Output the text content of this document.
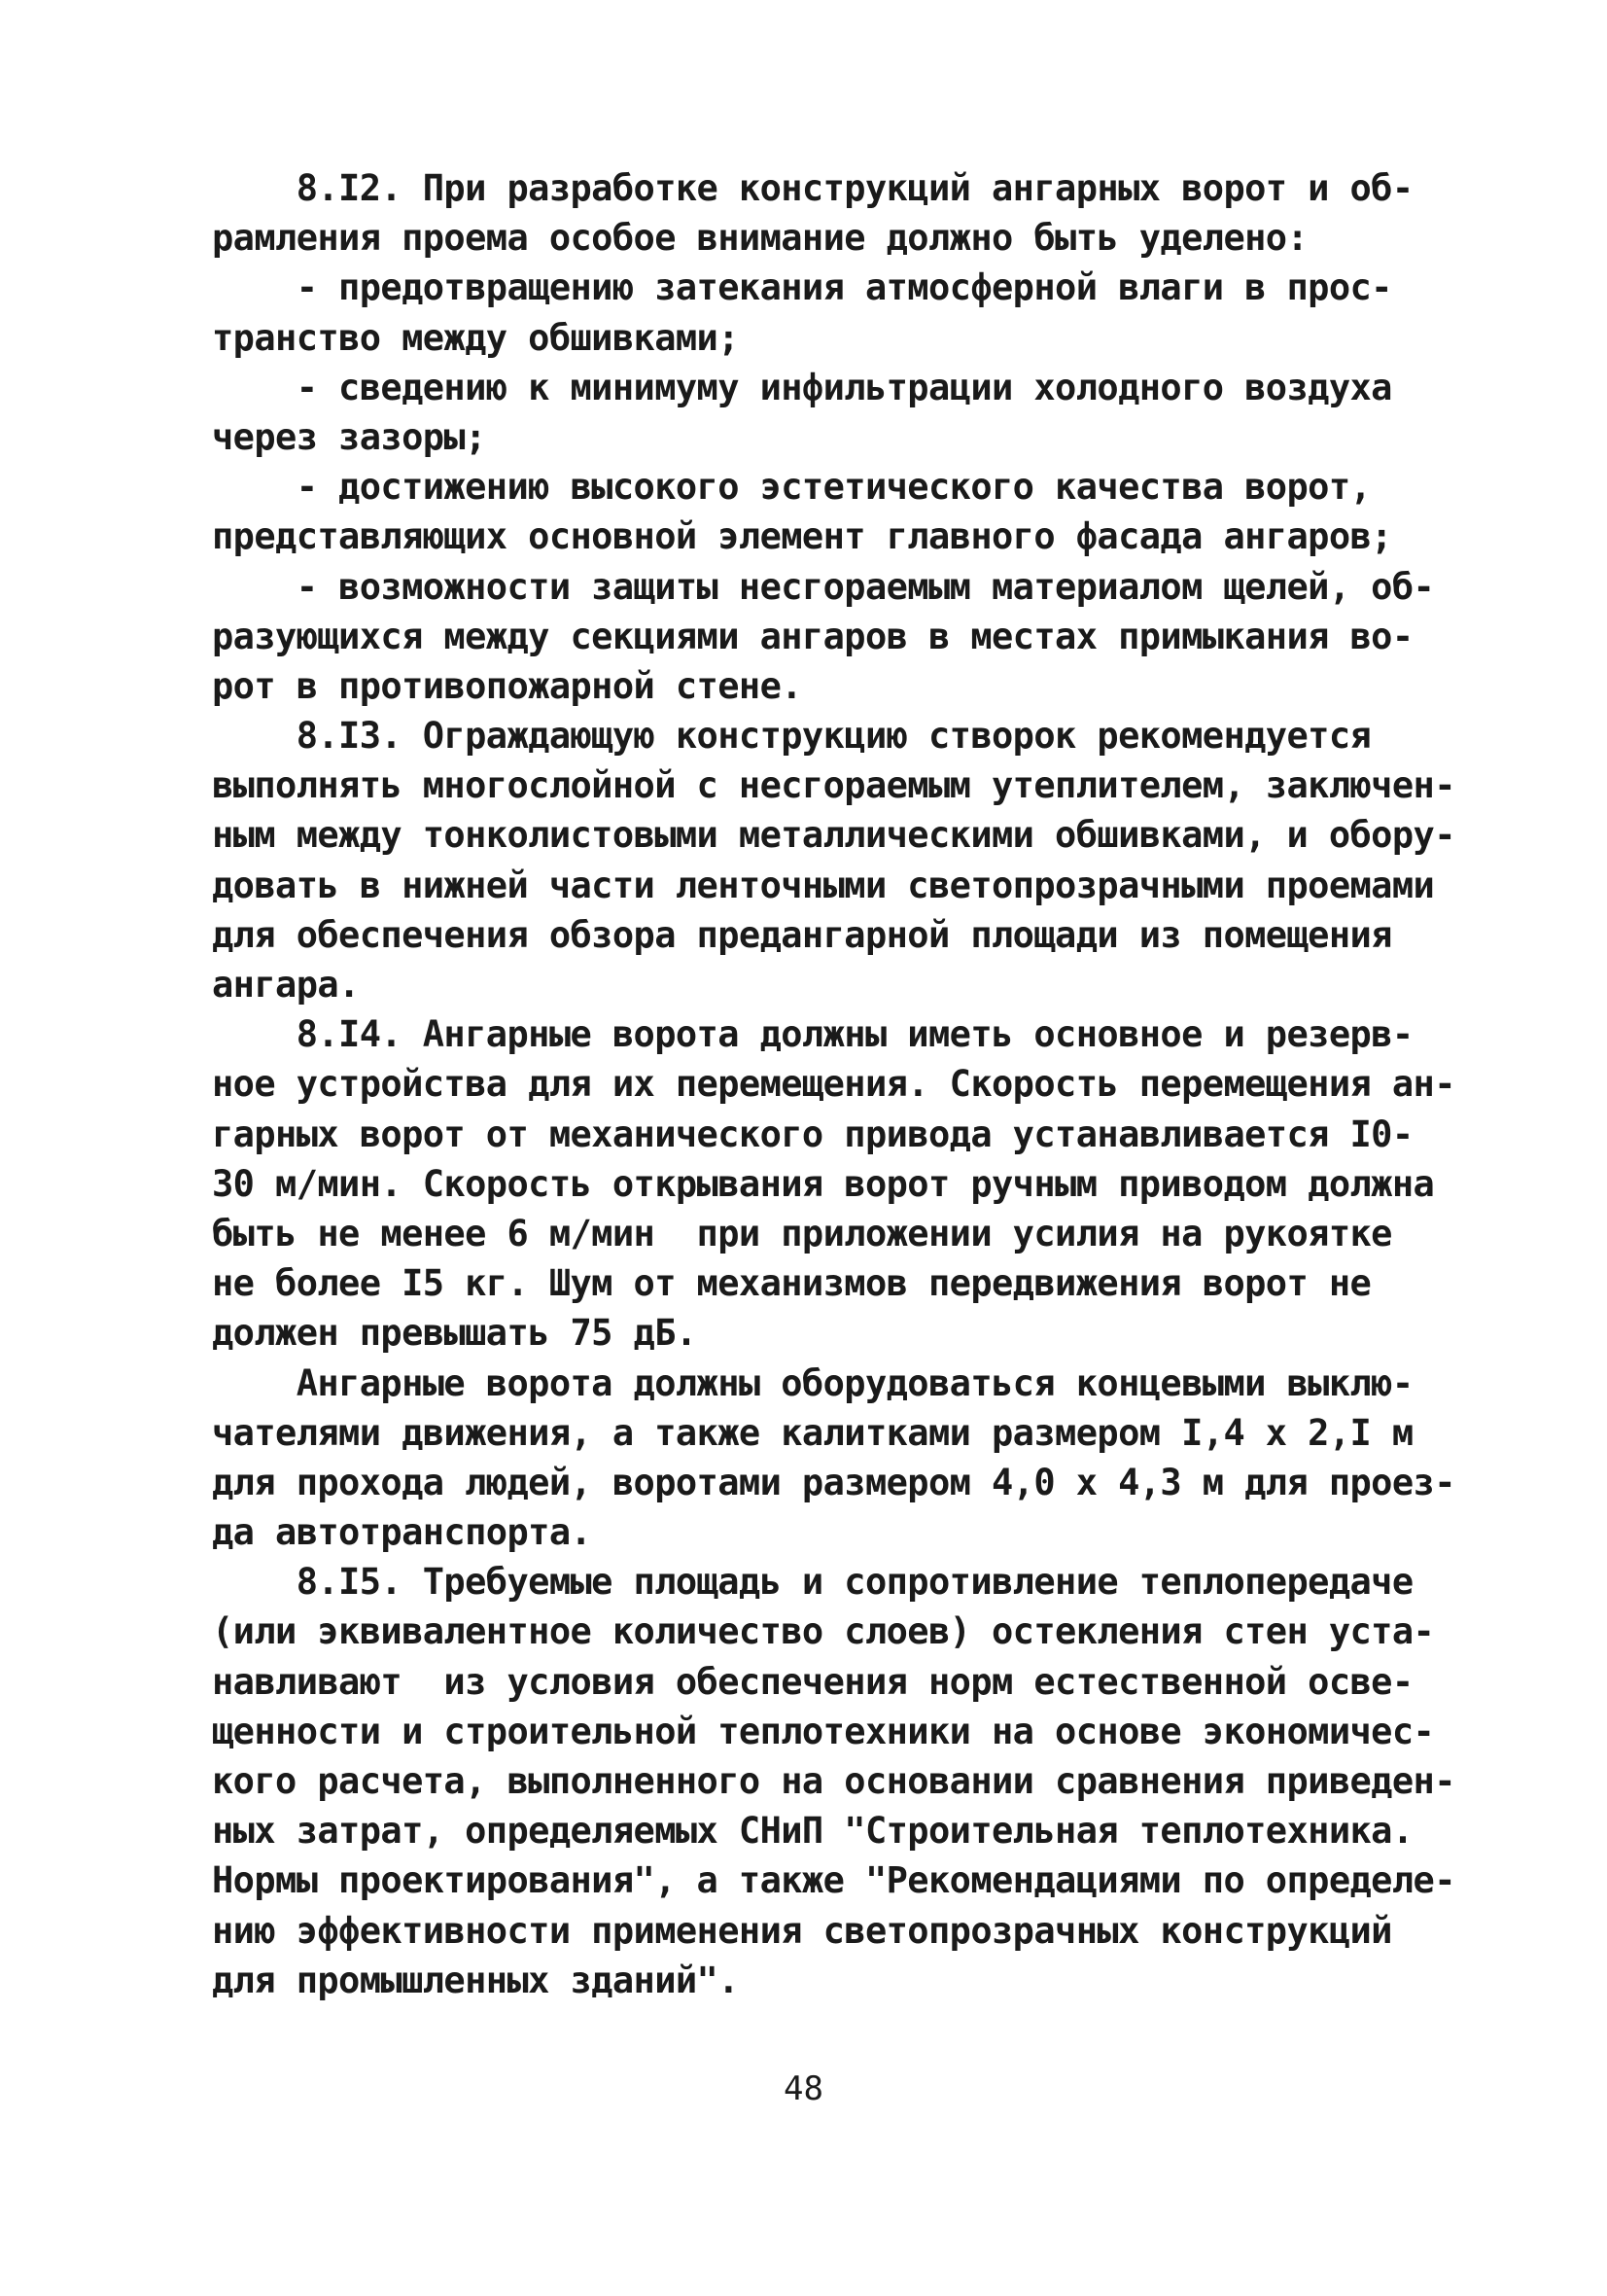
8.I2. При разработке конструкций ангарных ворот и об-
рамления проема особое внимание должно быть уделено:
- предотвращению затекания атмосферной влаги в прос-
транство между обшивками;
- сведению к минимуму инфильтрации холодного воздуха
через зазоры;
- достижению высокого эстетического качества ворот,
представляющих основной элемент главного фасада ангаров;
- возможности защиты несгораемым материалом щелей, об-
разующихся между секциями ангаров в местах примыкания во-
рот в противопожарной стене.
8.I3. Ограждающую конструкцию створок рекомендуется
выполнять многослойной с несгораемым утеплителем, заключен-
ным между тонколистовыми металлическими обшивками, и обору-
довать в нижней части ленточными светопрозрачными проемами
для обеспечения обзора предангарной площади из помещения
ангара.
8.I4. Ангарные ворота должны иметь основное и резерв-
ное устройства для их перемещения. Скорость перемещения ан-
гарных ворот от механического привода устанавливается I0-
30 м/мин. Скорость открывания ворот ручным приводом должна
быть не менее 6 м/мин  при приложении усилия на рукоятке
не более I5 кг. Шум от механизмов передвижения ворот не
должен превышать 75 дБ.
Ангарные ворота должны оборудоваться концевыми выклю-
чателями движения, а также калитками размером I,4 х 2,I м
для прохода людей, воротами размером 4,0 х 4,3 м для проез-
да автотранспорта.
8.I5. Требуемые площадь и сопротивление теплопередаче
(или эквивалентное количество слоев) остекления стен уста-
навливают  из условия обеспечения норм естественной осве-
щенности и строительной теплотехники на основе экономичес-
кого расчета, выполненного на основании сравнения приведен-
ных затрат, определяемых СНиП "Строительная теплотехника.
Нормы проектирования", а также "Рекомендациями по определе-
нию эффективности применения светопрозрачных конструкций
для промышленных зданий".
48
